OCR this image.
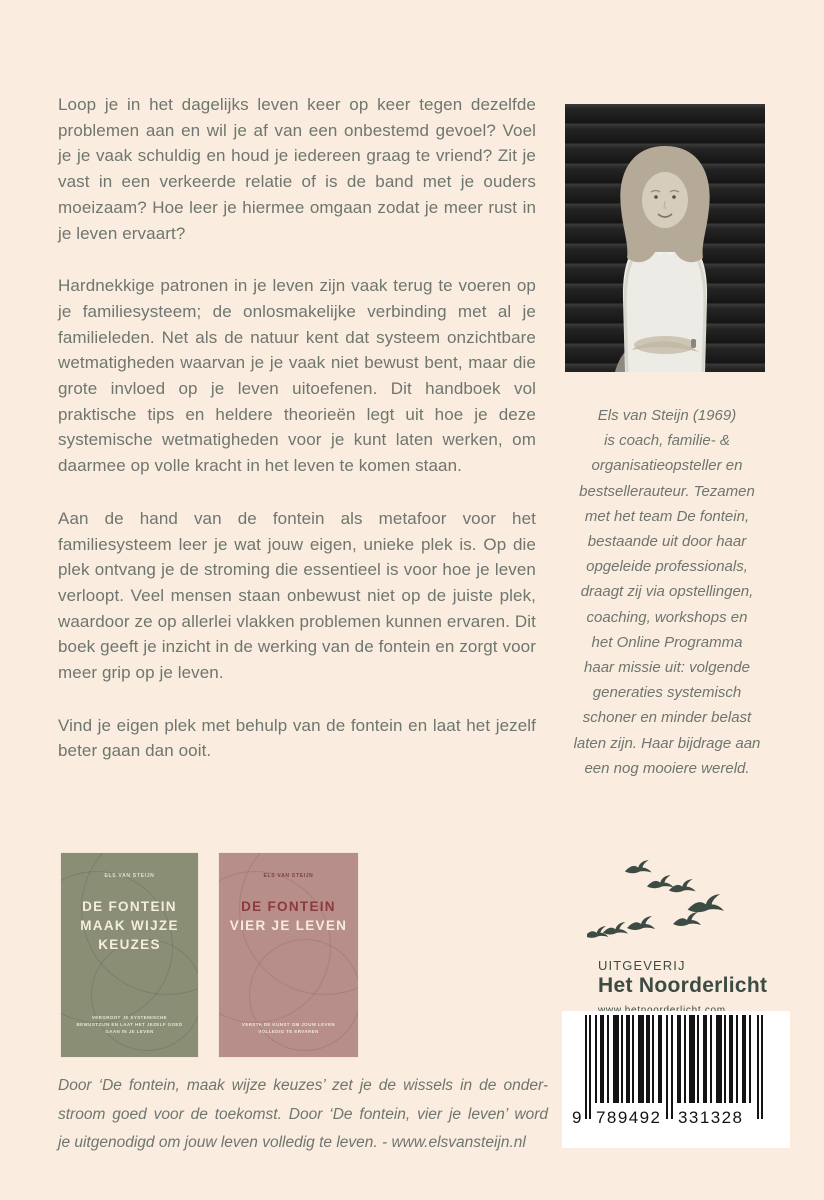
Loop je in het dagelijks leven keer op keer tegen dezelfde problemen aan en wil je af van een onbestemd gevoel? Voel je je vaak schuldig en houd je iedereen graag te vriend? Zit je vast in een verkeerde relatie of is de band met je ouders moeizaam? Hoe leer je hiermee omgaan zodat je meer rust in je leven ervaart?

Hardnekkige patronen in je leven zijn vaak terug te voeren op je familiesysteem; de onlosmakelijke verbinding met al je familieleden. Net als de natuur kent dat systeem onzichtbare wetmatigheden waarvan je je vaak niet bewust bent, maar die grote invloed op je leven uitoefenen. Dit handboek vol praktische tips en heldere theorieën legt uit hoe je deze systemische wetmatigheden voor je kunt laten werken, om daarmee op volle kracht in het leven te komen staan.

Aan de hand van de fontein als metafoor voor het familiesysteem leer je wat jouw eigen, unieke plek is. Op die plek ontvang je de stroming die essentieel is voor hoe je leven verloopt. Veel mensen staan onbewust niet op de juiste plek, waardoor ze op allerlei vlakken problemen kunnen ervaren. Dit boek geeft je inzicht in de werking van de fontein en zorgt voor meer grip op je leven.

Vind je eigen plek met behulp van de fontein en laat het jezelf beter gaan dan ooit.

Els van Steijn (1969)
is coach, familie- &
organisatieopsteller en
bestsellerauteur. Tezamen
met het team De fontein,
bestaande uit door haar
opgeleide professionals,
draagt zij via opstellingen,
coaching, workshops en
het Online Programma
haar missie uit: volgende
generaties systemisch
schoner en minder belast
laten zijn. Haar bijdrage aan
een nog mooiere wereld.
ELS VAN STEIJN
DE FONTEIN
MAAK WIJZE
KEUZES
VERGROOT JE SYSTEMISCHE BEWUSTZIJN EN LAAT HET JEZELF GOED GAAN IN JE LEVEN
ELS VAN STEIJN
DE FONTEIN
VIER JE LEVEN
VERSTA DE KUNST OM JOUW LEVEN VOLLEDIG TE ERVAREN
UITGEVERIJ
Het Noorderlicht
9 789492 331328
Door ‘De fontein, maak wijze keuzes’ zet je de wissels in de onder-
stroom goed voor de toekomst. Door ‘De fontein, vier je leven’ word
je uitgenodigd om jouw leven volledig te leven. - www.elsvansteijn.nl
